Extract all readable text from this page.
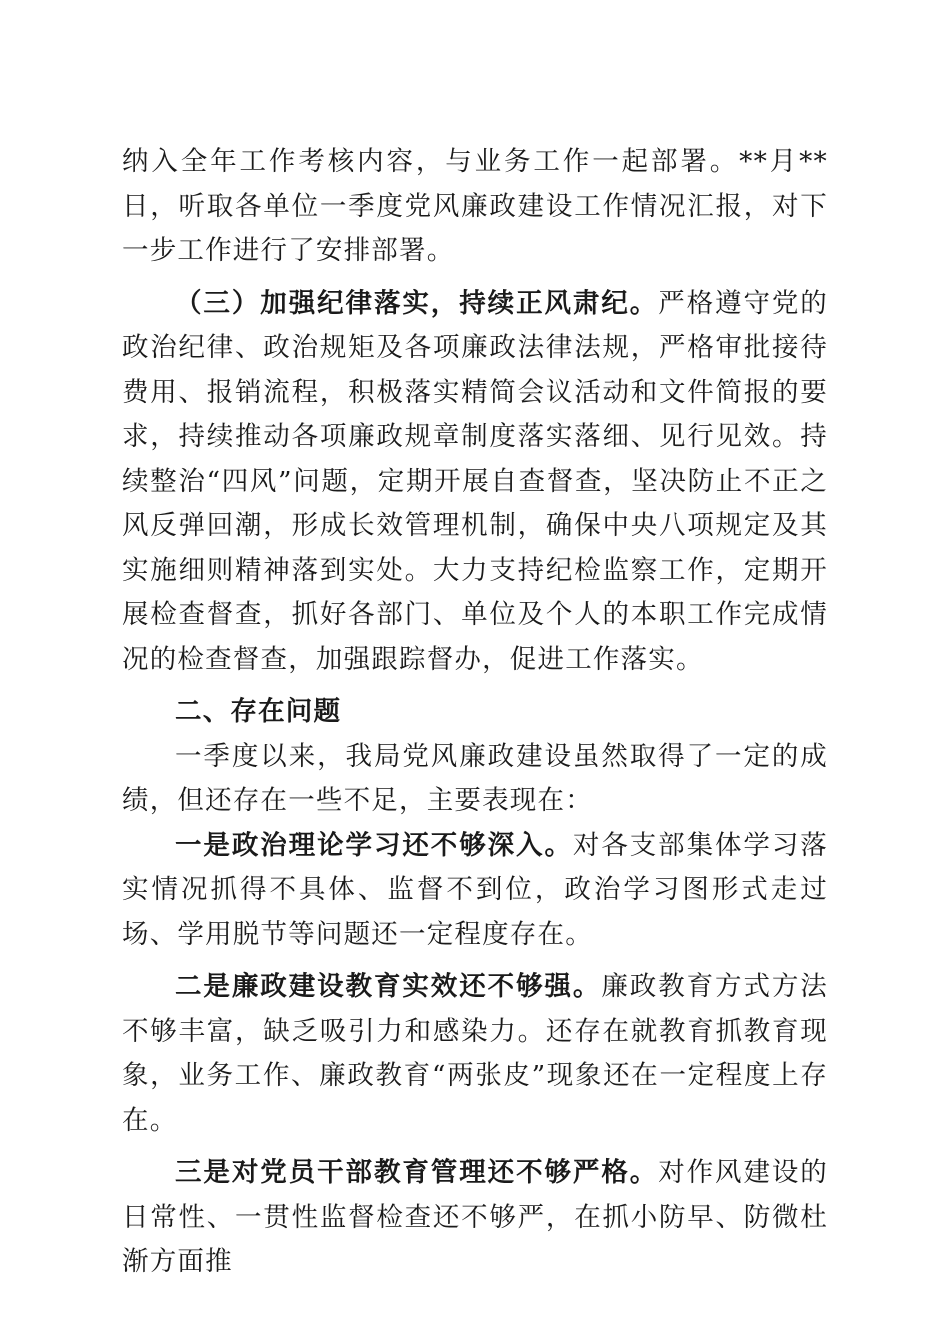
纳入全年工作考核内容，与业务工作一起部署。**月**日，听取各单位一季度党风廉政建设工作情况汇报，对下一步工作进行了安排部署。

（三）加强纪律落实，持续正风肃纪。严格遵守党的政治纪律、政治规矩及各项廉政法律法规，严格审批接待费用、报销流程，积极落实精简会议活动和文件简报的要求，持续推动各项廉政规章制度落实落细、见行见效。持续整治“四风”问题，定期开展自查督查，坚决防止不正之风反弹回潮，形成长效管理机制，确保中央八项规定及其实施细则精神落到实处。大力支持纪检监察工作，定期开展检查督查，抓好各部门、单位及个人的本职工作完成情况的检查督查，加强跟踪督办，促进工作落实。

二、存在问题

一季度以来，我局党风廉政建设虽然取得了一定的成绩，但还存在一些不足，主要表现在：

一是政治理论学习还不够深入。对各支部集体学习落实情况抓得不具体、监督不到位，政治学习图形式走过场、学用脱节等问题还一定程度存在。

二是廉政建设教育实效还不够强。廉政教育方式方法不够丰富，缺乏吸引力和感染力。还存在就教育抓教育现象，业务工作、廉政教育“两张皮”现象还在一定程度上存在。

三是对党员干部教育管理还不够严格。对作风建设的日常性、一贯性监督检查还不够严，在抓小防早、防微杜渐方面推
